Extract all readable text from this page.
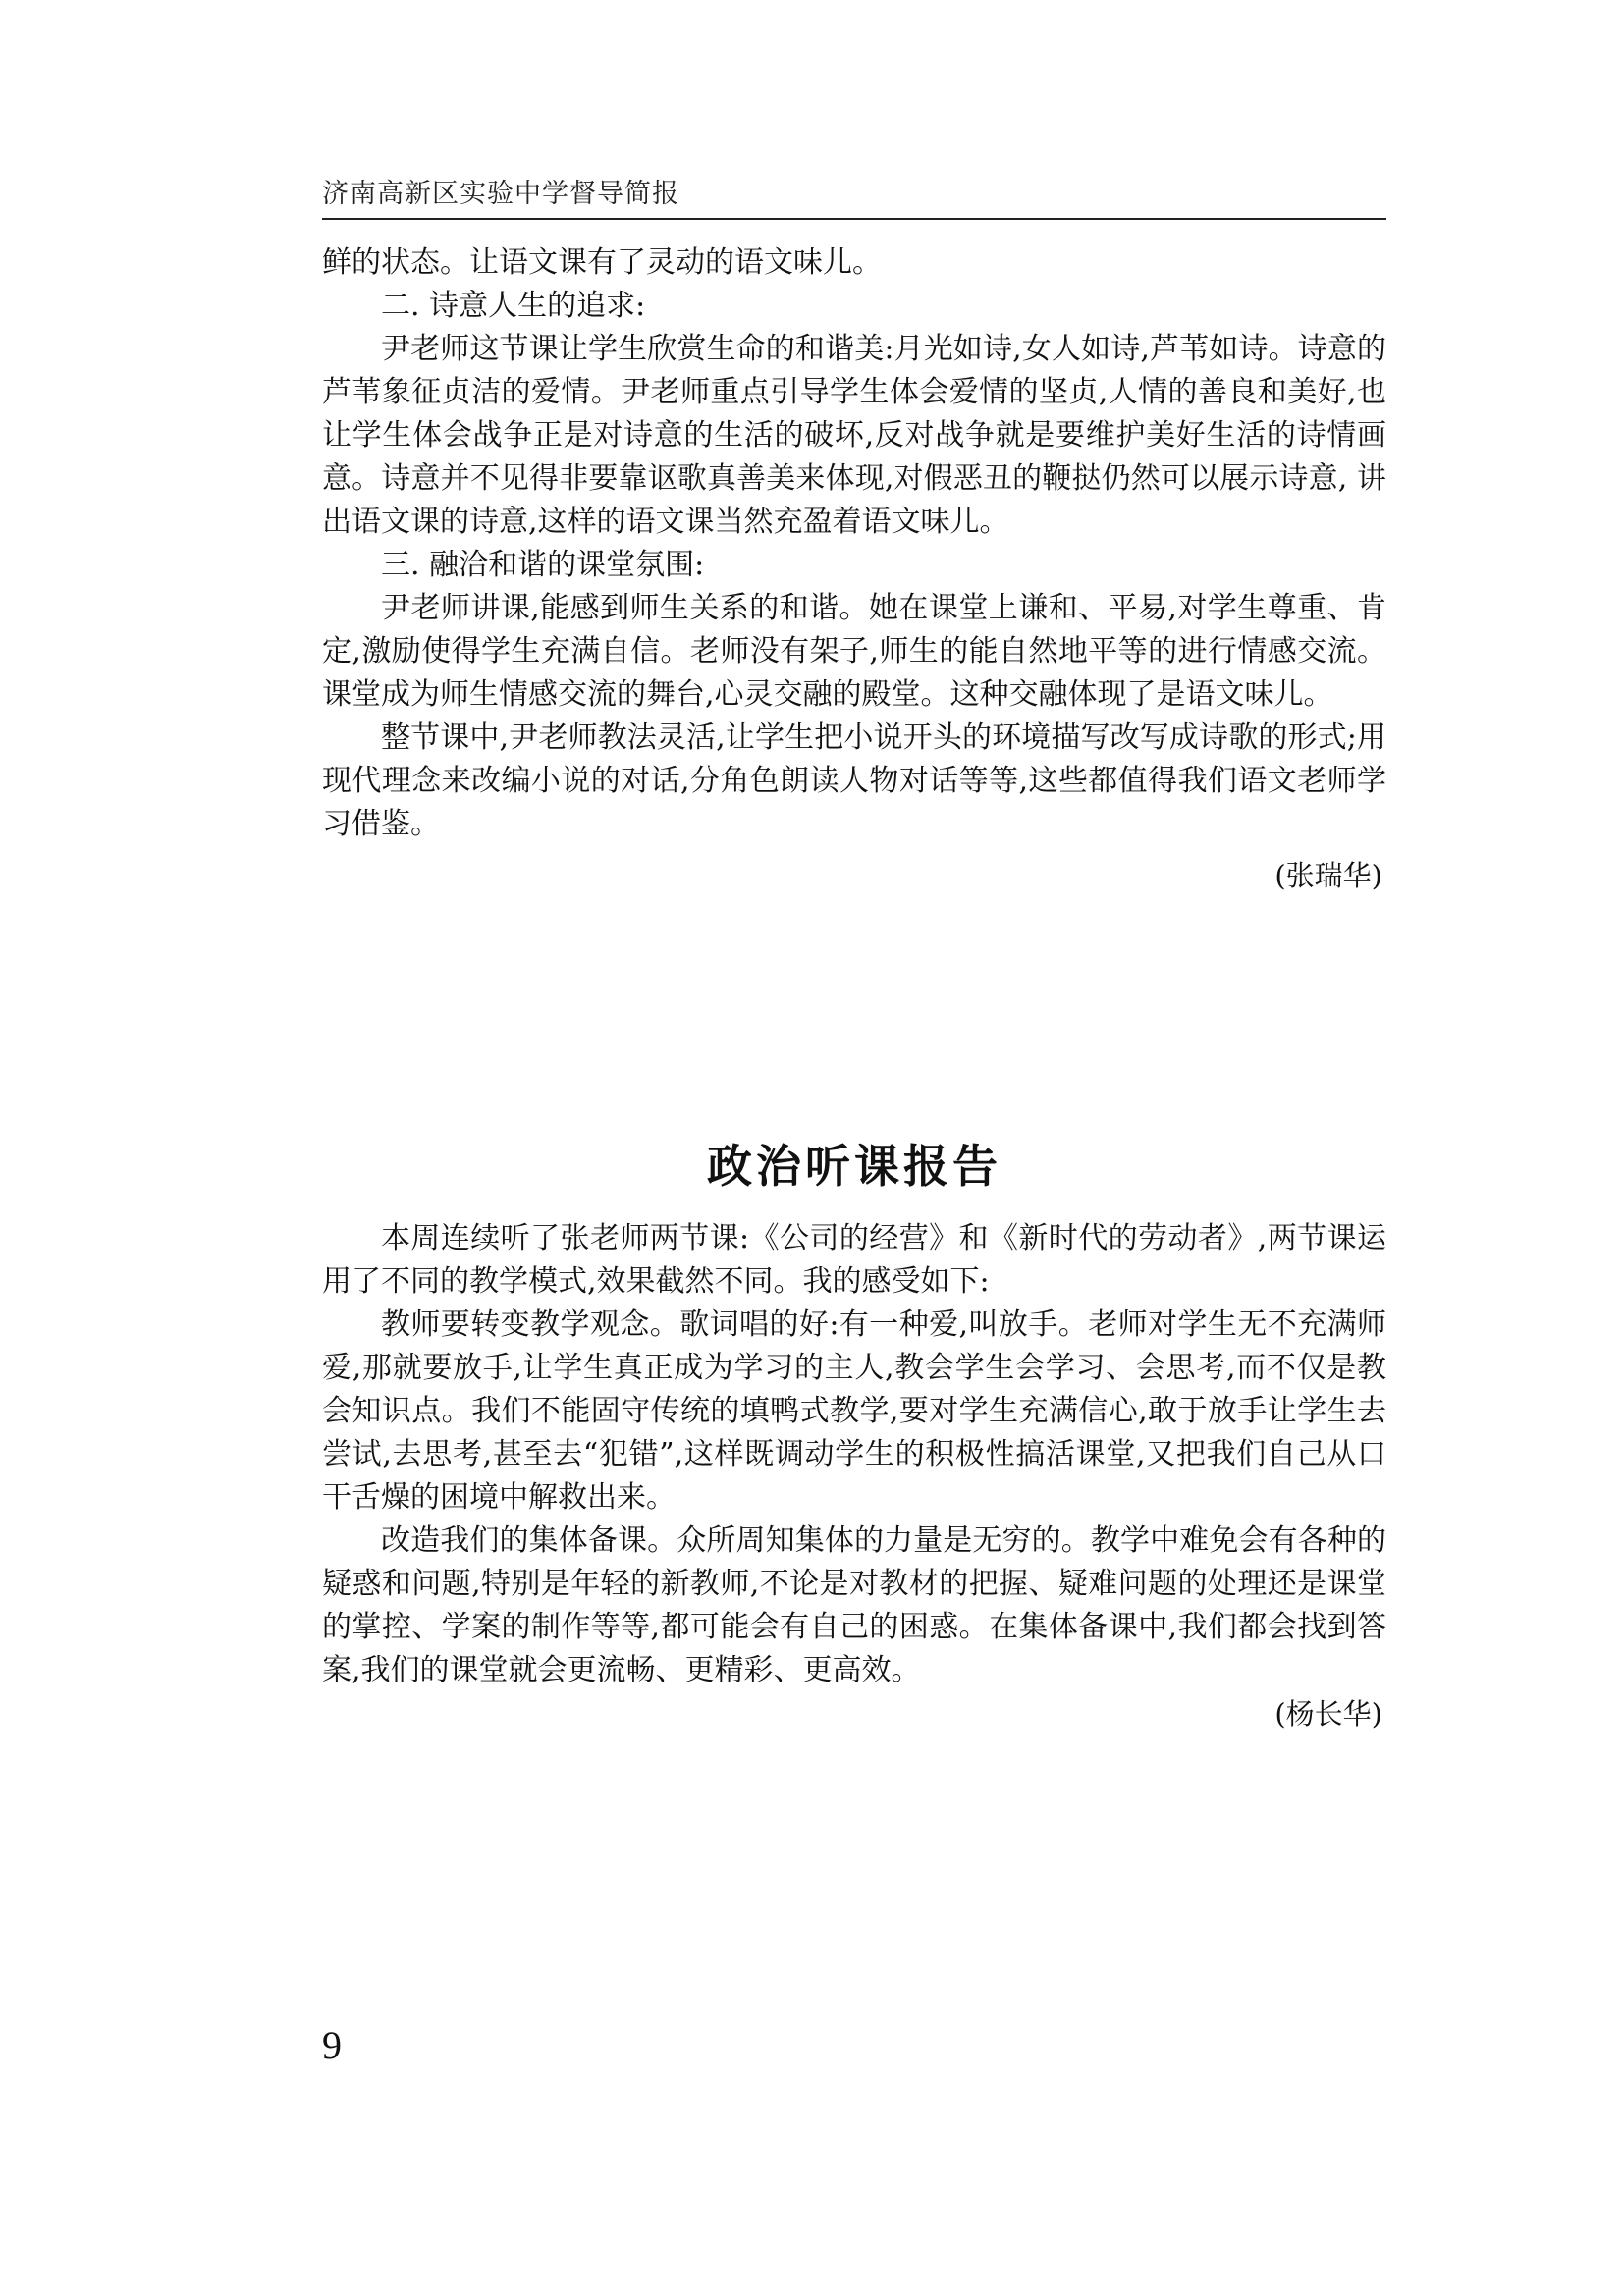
济南高新区实验中学督导简报

鲜的状态。让语文课有了灵动的语文味儿。

二. 诗意人生的追求:

尹老师这节课让学生欣赏生命的和谐美:月光如诗,女人如诗,芦苇如诗。诗意的芦苇象征贞洁的爱情。尹老师重点引导学生体会爱情的坚贞,人情的善良和美好,也让学生体会战争正是对诗意的生活的破坏,反对战争就是要维护美好生活的诗情画意。诗意并不见得非要靠讴歌真善美来体现,对假恶丑的鞭挞仍然可以展示诗意, 讲出语文课的诗意,这样的语文课当然充盈着语文味儿。

三. 融洽和谐的课堂氛围:

尹老师讲课,能感到师生关系的和谐。她在课堂上谦和、平易,对学生尊重、肯定,激励使得学生充满自信。老师没有架子,师生的能自然地平等的进行情感交流。课堂成为师生情感交流的舞台,心灵交融的殿堂。这种交融体现了是语文味儿。

整节课中,尹老师教法灵活,让学生把小说开头的环境描写改写成诗歌的形式;用现代理念来改编小说的对话,分角色朗读人物对话等等,这些都值得我们语文老师学习借鉴。

(张瑞华)

政治听课报告

本周连续听了张老师两节课:《公司的经营》和《新时代的劳动者》,两节课运用了不同的教学模式,效果截然不同。我的感受如下:

教师要转变教学观念。歌词唱的好:有一种爱,叫放手。老师对学生无不充满师爱,那就要放手,让学生真正成为学习的主人,教会学生会学习、会思考,而不仅是教会知识点。我们不能固守传统的填鸭式教学,要对学生充满信心,敢于放手让学生去尝试,去思考,甚至去“犯错”,这样既调动学生的积极性搞活课堂,又把我们自己从口干舌燥的困境中解救出来。

改造我们的集体备课。众所周知集体的力量是无穷的。教学中难免会有各种的疑惑和问题,特别是年轻的新教师,不论是对教材的把握、疑难问题的处理还是课堂的掌控、学案的制作等等,都可能会有自己的困惑。在集体备课中,我们都会找到答案,我们的课堂就会更流畅、更精彩、更高效。

(杨长华)

9
